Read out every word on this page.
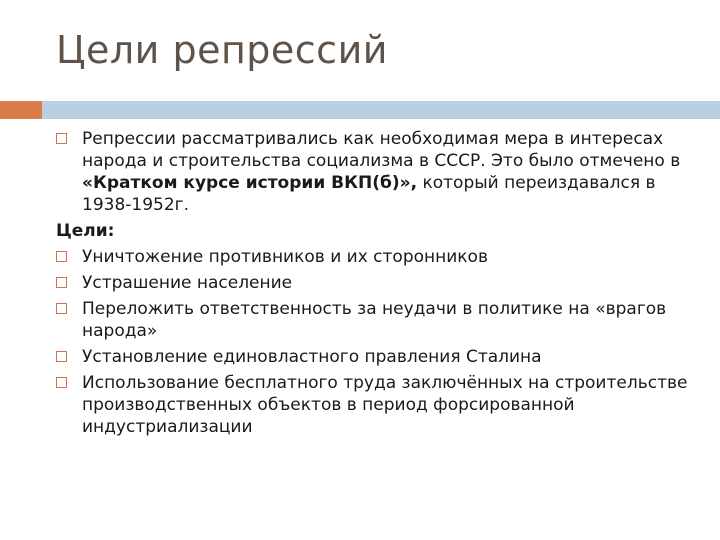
Цели репрессий
Репрессии рассматривались как необходимая мера в интересах народа и строительства социализма в СССР. Это было отмечено в «Кратком курсе истории ВКП(б)», который переиздавался в 1938-1952г.
Цели:
Уничтожение противников и их сторонников
Устрашение население
Переложить ответственность за неудачи в политике на «врагов народа»
Установление единовластного правления Сталина
Использование бесплатного труда заключённых на строительстве производственных объектов в период форсированной индустриализации
